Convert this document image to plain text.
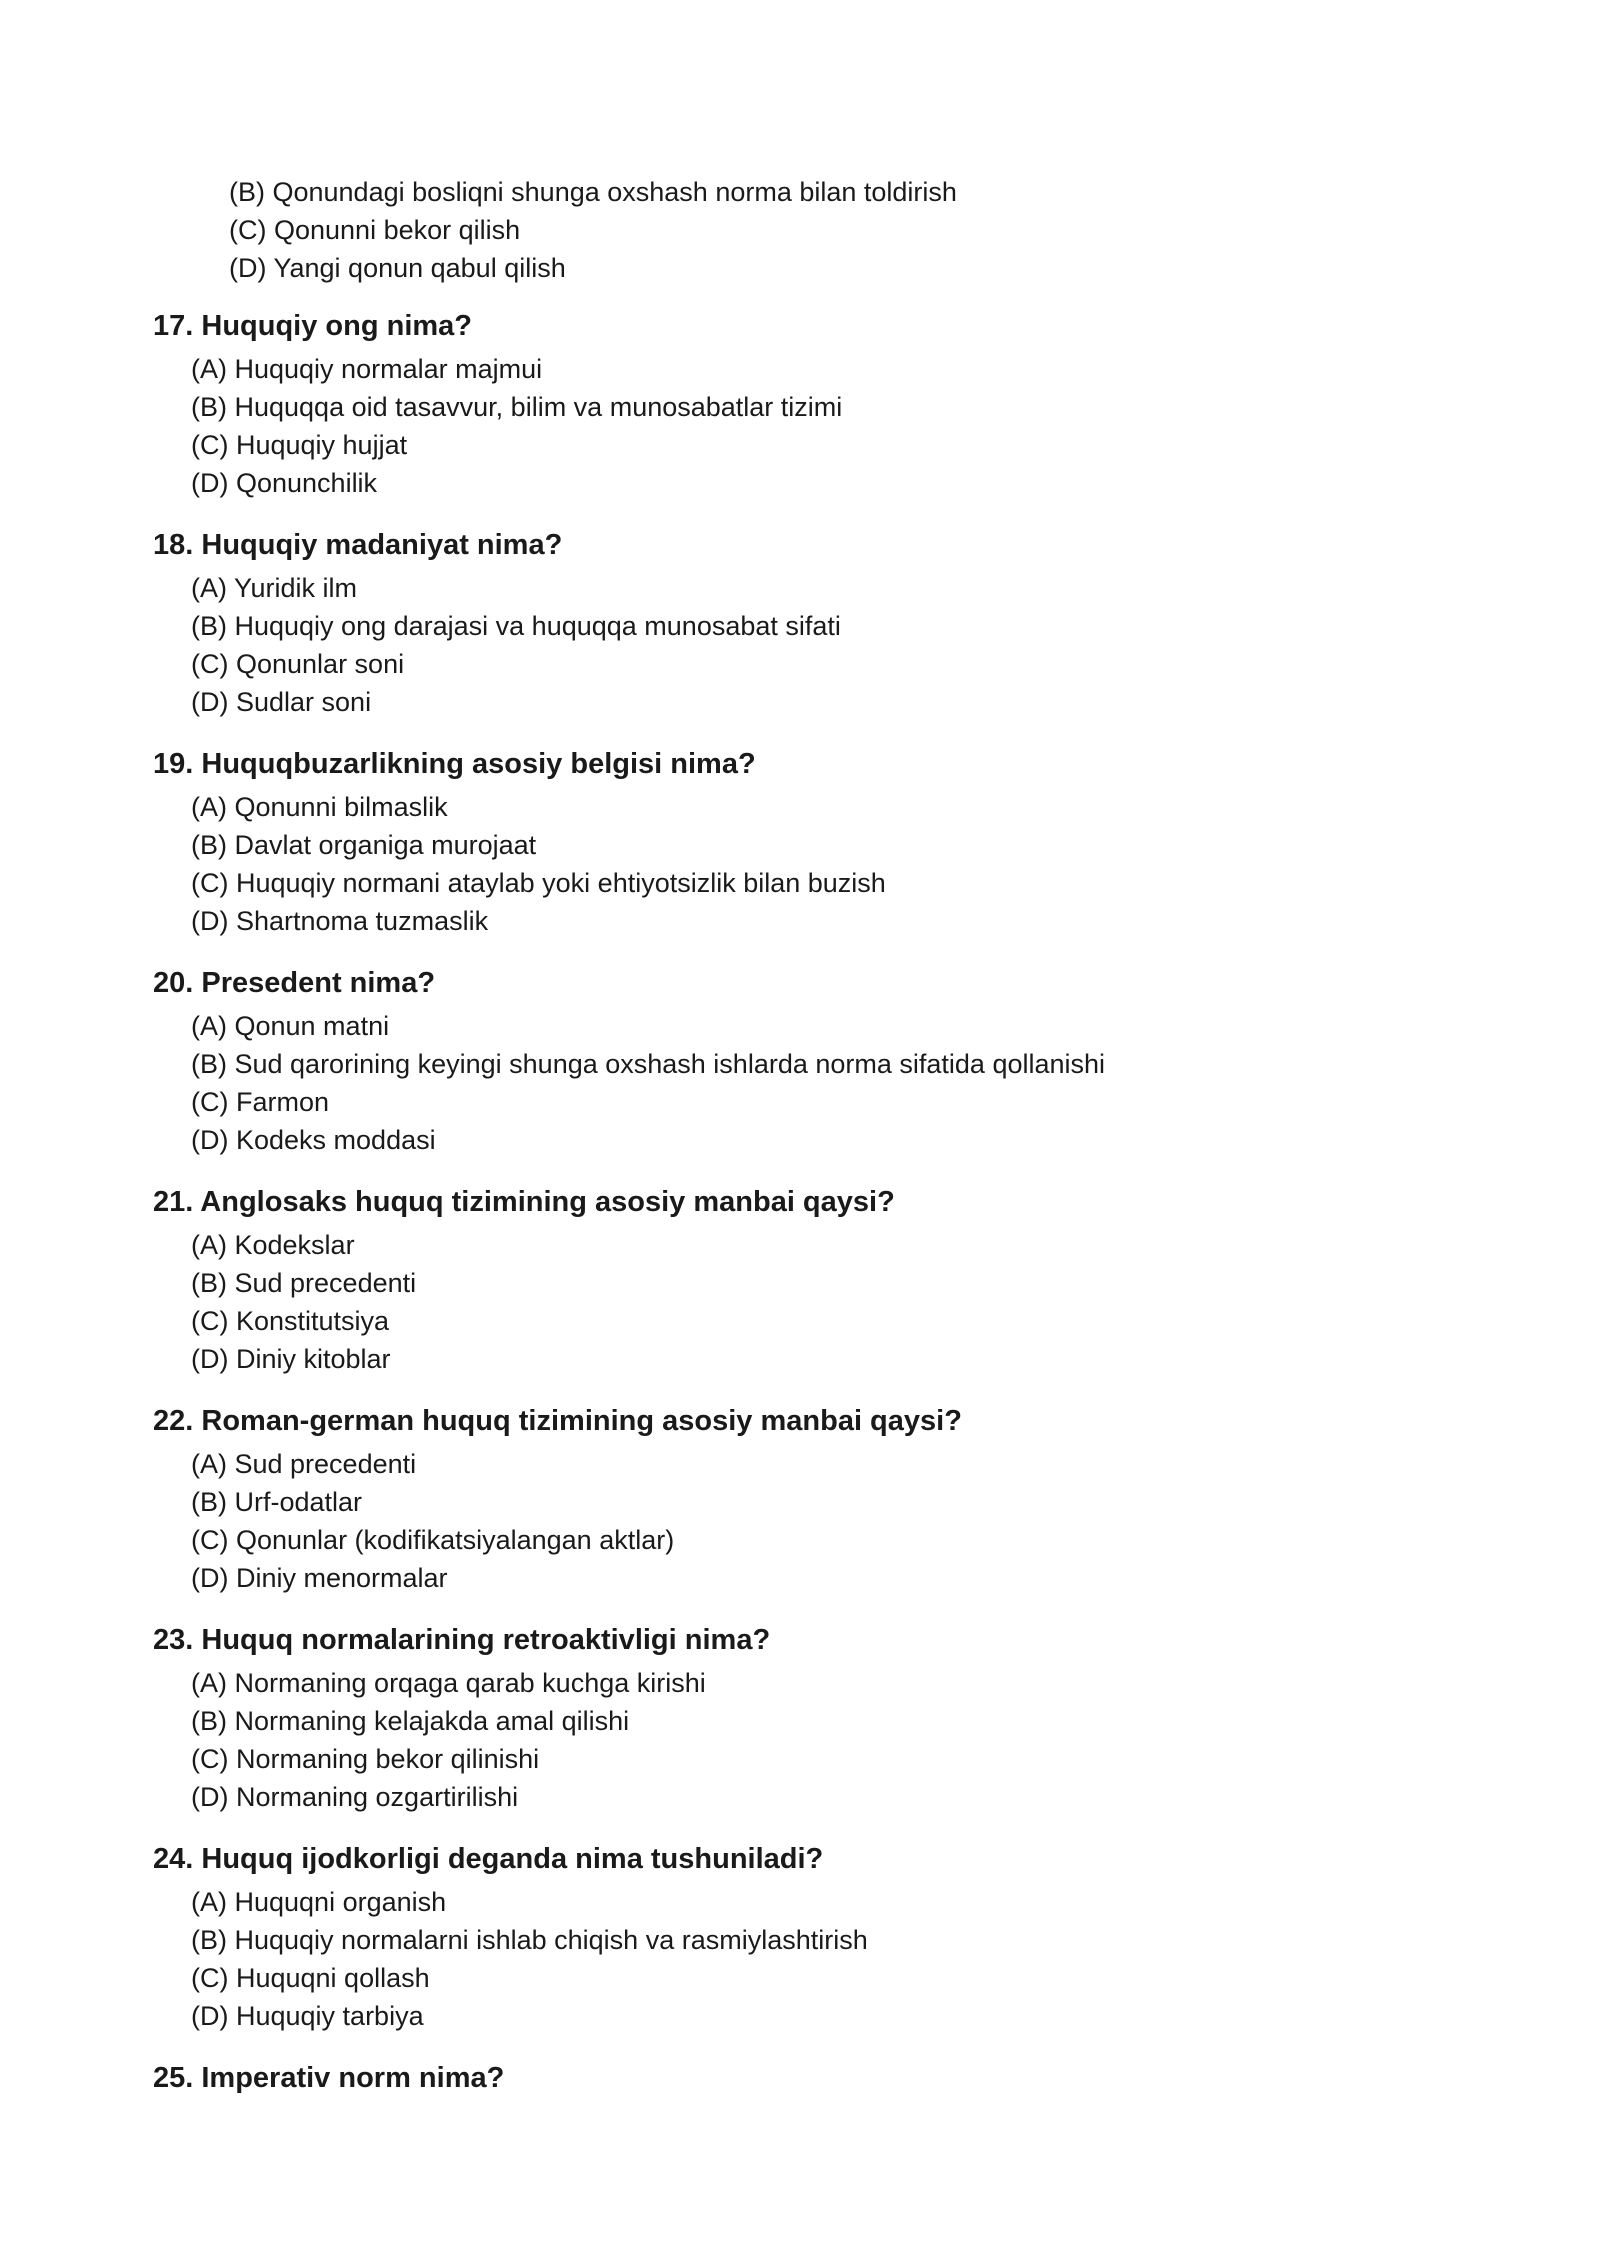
(B) Qonundagi bosliqni shunga oxshash norma bilan toldirish
(C) Qonunni bekor qilish
(D) Yangi qonun qabul qilish

17. Huquqiy ong nima?

(A) Huquqiy normalar majmui
(B) Huquqqa oid tasavvur, bilim va munosabatlar tizimi
(C) Huquqiy hujjat
(D) Qonunchilik

18. Huquqiy madaniyat nima?

(A) Yuridik ilm
(B) Huquqiy ong darajasi va huquqqa munosabat sifati
(C) Qonunlar soni
(D) Sudlar soni

19. Huquqbuzarlikning asosiy belgisi nima?

(A) Qonunni bilmaslik
(B) Davlat organiga murojaat
(C) Huquqiy normani ataylab yoki ehtiyotsizlik bilan buzish
(D) Shartnoma tuzmaslik

20. Presedent nima?

(A) Qonun matni
(B) Sud qarorining keyingi shunga oxshash ishlarda norma sifatida qollanishi
(C) Farmon
(D) Kodeks moddasi

21. Anglosaks huquq tizimining asosiy manbai qaysi?

(A) Kodekslar
(B) Sud precedenti
(C) Konstitutsiya
(D) Diniy kitoblar

22. Roman-german huquq tizimining asosiy manbai qaysi?

(A) Sud precedenti
(B) Urf-odatlar
(C) Qonunlar (kodifikatsiyalangan aktlar)
(D) Diniy menormalar

23. Huquq normalarining retroaktivligi nima?

(A) Normaning orqaga qarab kuchga kirishi
(B) Normaning kelajakda amal qilishi
(C) Normaning bekor qilinishi
(D) Normaning ozgartirilishi

24. Huquq ijodkorligi deganda nima tushuniladi?

(A) Huquqni organish
(B) Huquqiy normalarni ishlab chiqish va rasmiylashtirish
(C) Huquqni qollash
(D) Huquqiy tarbiya

25. Imperativ norm nima?
